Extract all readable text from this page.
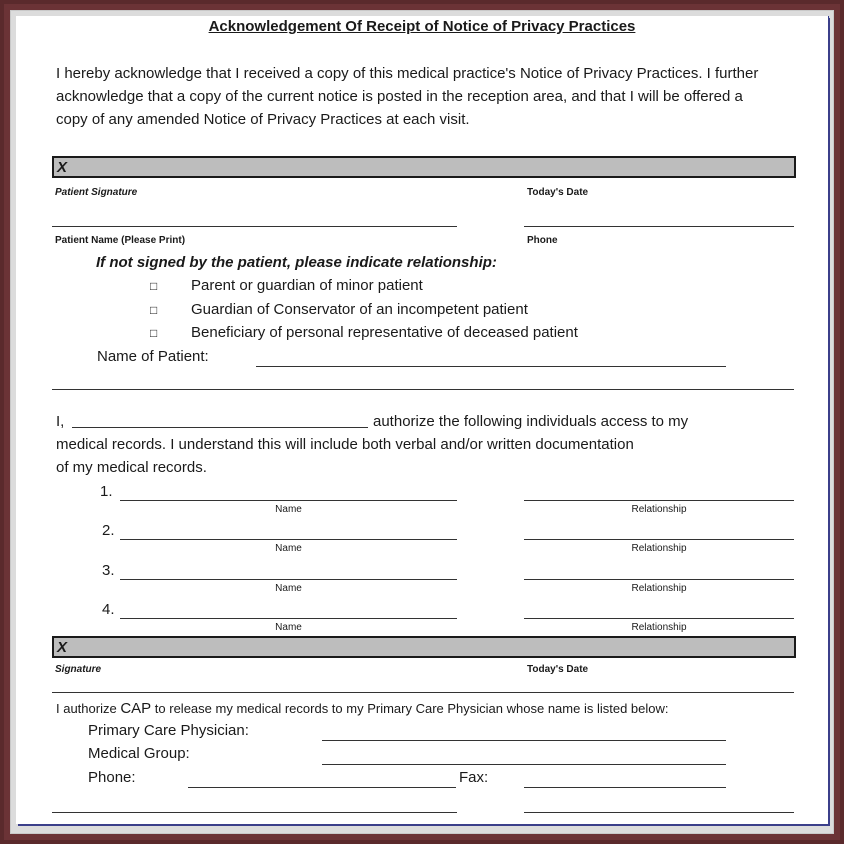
Acknowledgement Of Receipt of Notice of Privacy Practices
I hereby acknowledge that I received a copy of this medical practice's Notice of Privacy Practices. I further acknowledge that a copy of the current notice is posted in the reception area, and that I will be offered a copy of any amended Notice of Privacy Practices at each visit.
X
Patient Signature	Today's Date
Patient Name (Please Print)	Phone
If not signed by the patient, please indicate relationship:
□ Parent or guardian of minor patient
□ Guardian of Conservator of an incompetent patient
□ Beneficiary of personal representative of deceased patient
Name of Patient:
I,	authorize the following individuals access to my
medical records. I understand this will include both verbal and/or written documentation
of my medical records.
1.
Name	Relationship
2.
Name	Relationship
3.
Name	Relationship
4.
Name	Relationship
X
Signature	Today's Date
I authorize CAP to release my medical records to my Primary Care Physician whose name is listed below:
Primary Care Physician:
Medical Group:
Phone:	Fax:
